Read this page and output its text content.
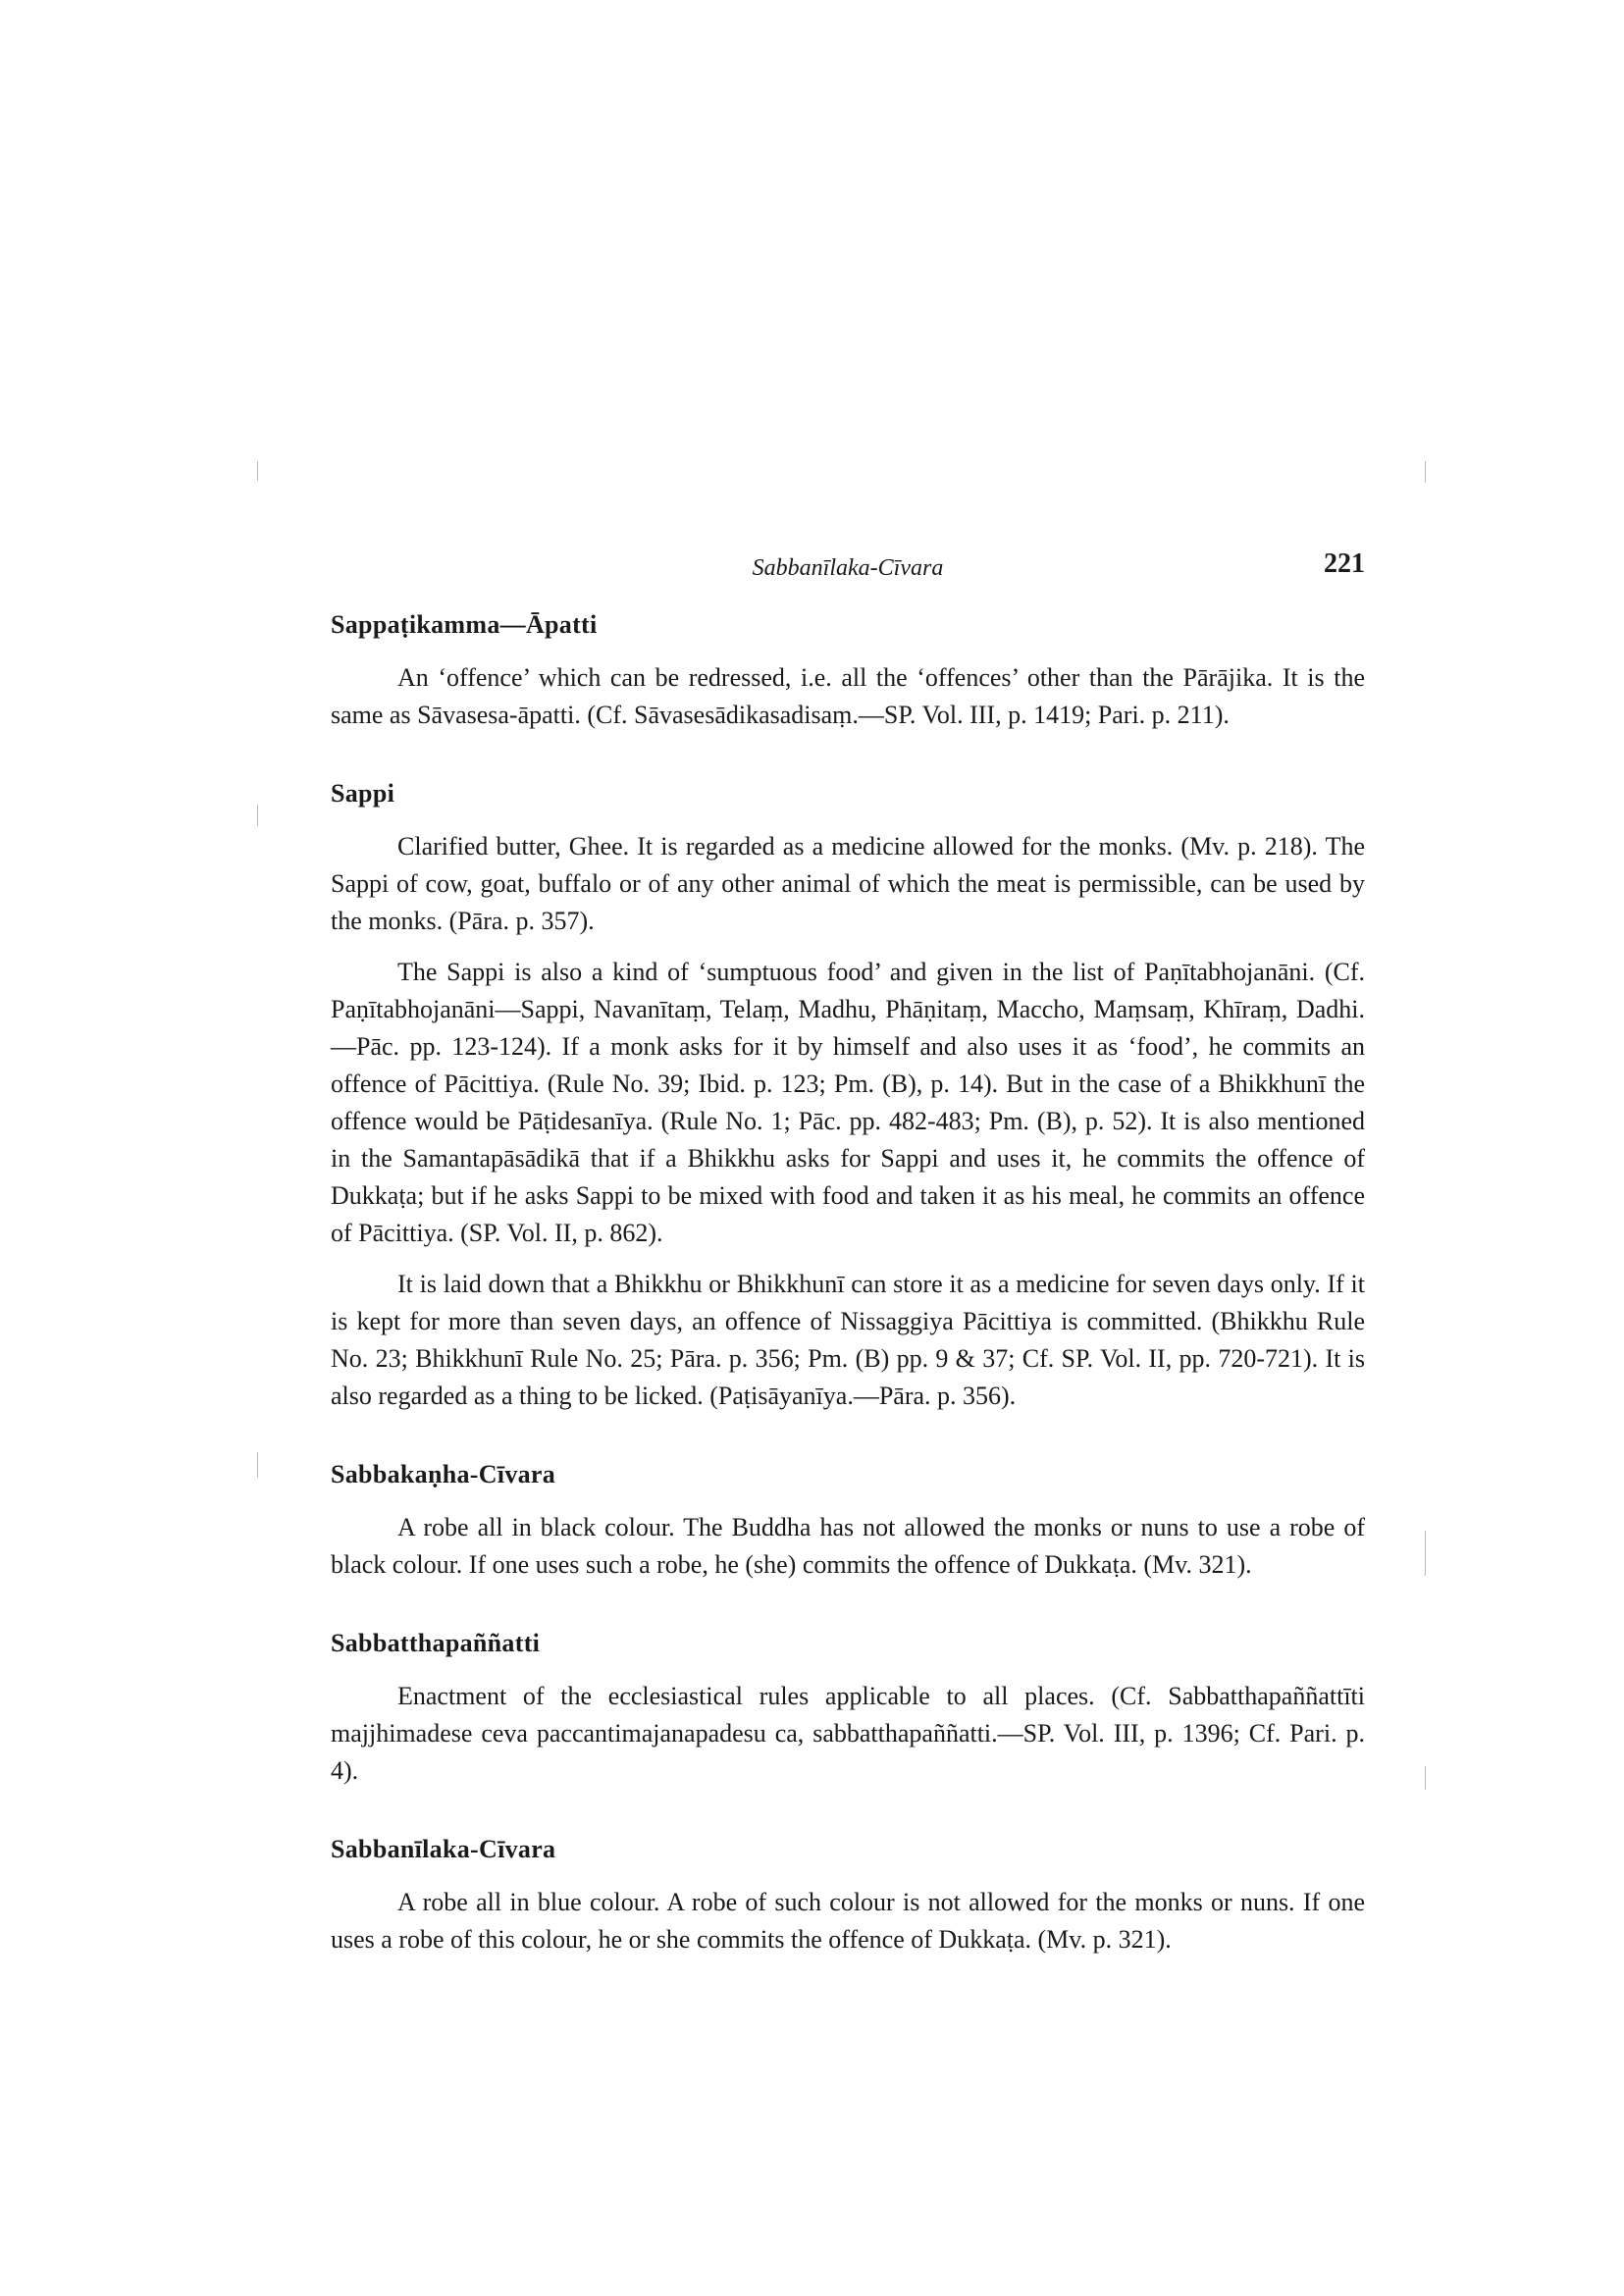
Sabbanīlaka-Cīvara	221
Sappaṭikamma—Āpatti

An ‘offence’ which can be redressed, i.e. all the ‘offences’ other than the Pārājika. It is the same as Sāvasesa-āpatti. (Cf. Sāvasesādikasadisaṃ.—SP. Vol. III, p. 1419; Pari. p. 211).

Sappi

Clarified butter, Ghee. It is regarded as a medicine allowed for the monks. (Mv. p. 218). The Sappi of cow, goat, buffalo or of any other animal of which the meat is permissible, can be used by the monks. (Pāra. p. 357).

The Sappi is also a kind of ‘sumptuous food’ and given in the list of Paṇītabhojanāni. (Cf. Paṇītabhojanāni—Sappi, Navanītaṃ, Telaṃ, Madhu, Phāṇitaṃ, Maccho, Maṃsaṃ, Khīraṃ, Dadhi.—Pāc. pp. 123-124). If a monk asks for it by himself and also uses it as ‘food’, he commits an offence of Pācittiya. (Rule No. 39; Ibid. p. 123; Pm. (B), p. 14). But in the case of a Bhikkhunī the offence would be Pāṭidesanīya. (Rule No. 1; Pāc. pp. 482-483; Pm. (B), p. 52). It is also mentioned in the Samantapāsādikā that if a Bhikkhu asks for Sappi and uses it, he commits the offence of Dukkaṭa; but if he asks Sappi to be mixed with food and taken it as his meal, he commits an offence of Pācittiya. (SP. Vol. II, p. 862).

It is laid down that a Bhikkhu or Bhikkhunī can store it as a medicine for seven days only. If it is kept for more than seven days, an offence of Nissaggiya Pācittiya is committed. (Bhikkhu Rule No. 23; Bhikkhunī Rule No. 25; Pāra. p. 356; Pm. (B) pp. 9 & 37; Cf. SP. Vol. II, pp. 720-721). It is also regarded as a thing to be licked. (Paṭisāyanīya.—Pāra. p. 356).

Sabbakaṇha-Cīvara

A robe all in black colour. The Buddha has not allowed the monks or nuns to use a robe of black colour. If one uses such a robe, he (she) commits the offence of Dukkaṭa. (Mv. 321).

Sabbatthapaññatti

Enactment of the ecclesiastical rules applicable to all places. (Cf. Sabbatthapaññattīti majjhimadese ceva paccantimajanapadesu ca, sabbatthapaññatti.—SP. Vol. III, p. 1396; Cf. Pari. p. 4).

Sabbanīlaka-Cīvara

A robe all in blue colour. A robe of such colour is not allowed for the monks or nuns. If one uses a robe of this colour, he or she commits the offence of Dukkaṭa. (Mv. p. 321).
